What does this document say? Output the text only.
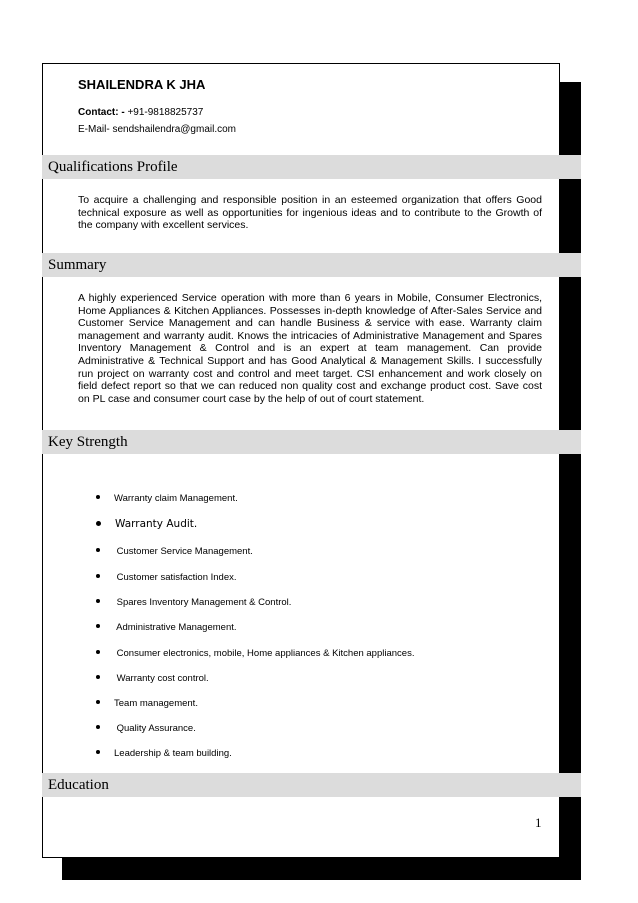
SHAILENDRA K JHA
Contact: - +91-9818825737
E-Mail- sendshailendra@gmail.com
Qualifications Profile

To acquire a challenging and responsible position in an esteemed organization that offers Good technical exposure as well as opportunities for ingenious ideas and to contribute to the Growth of the company with excellent services.

Summary

A highly experienced Service operation with more than 6 years in Mobile, Consumer Electronics, Home Appliances & Kitchen Appliances. Possesses in-depth knowledge of After-Sales Service and Customer Service Management and can handle Business & service with ease. Warranty claim management and warranty audit. Knows the intricacies of Administrative Management and Spares Inventory Management & Control and is an expert at team management. Can provide Administrative & Technical Support and has Good Analytical & Management Skills. I successfully run project on warranty cost and control and meet target. CSI enhancement and work closely on field defect report so that we can reduced non quality cost and exchange product cost. Save cost on PL case and consumer court case by the help of out of court statement.

Key Strength
Warranty claim Management.
Warranty Audit.
Customer Service Management.
Customer satisfaction Index.
Spares Inventory Management & Control.
Administrative Management.
Consumer electronics, mobile, Home appliances & Kitchen appliances.
Warranty cost control.
Team management.
Quality Assurance.
Leadership & team building.
Education
1
